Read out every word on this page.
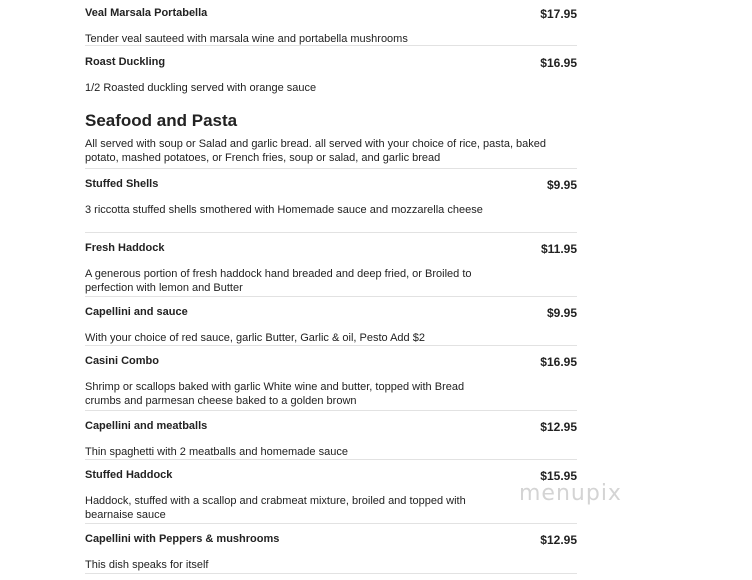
Veal Marsala Portabella	$17.95
Tender veal sauteed with marsala wine and portabella mushrooms
Roast Duckling	$16.95
1/2 Roasted duckling served with orange sauce
Seafood and Pasta
All served with soup or Salad and garlic bread. all served with your choice of rice, pasta, baked potato, mashed potatoes, or French fries, soup or salad, and garlic bread
Stuffed Shells	$9.95
3 riccotta stuffed shells smothered with Homemade sauce and mozzarella cheese
Fresh Haddock	$11.95
A generous portion of fresh haddock hand breaded and deep fried, or Broiled to perfection with lemon and Butter
Capellini and sauce	$9.95
With your choice of red sauce, garlic Butter, Garlic & oil, Pesto Add $2
Casini Combo	$16.95
Shrimp or scallops baked with garlic White wine and butter, topped with Bread crumbs and parmesan cheese baked to a golden brown
Capellini and meatballs	$12.95
Thin spaghetti with 2 meatballs and homemade sauce
Stuffed Haddock	$15.95
Haddock, stuffed with a scallop and crabmeat mixture, broiled and topped with bearnaise sauce
Capellini with Peppers & mushrooms	$12.95
This dish speaks for itself
menupix
